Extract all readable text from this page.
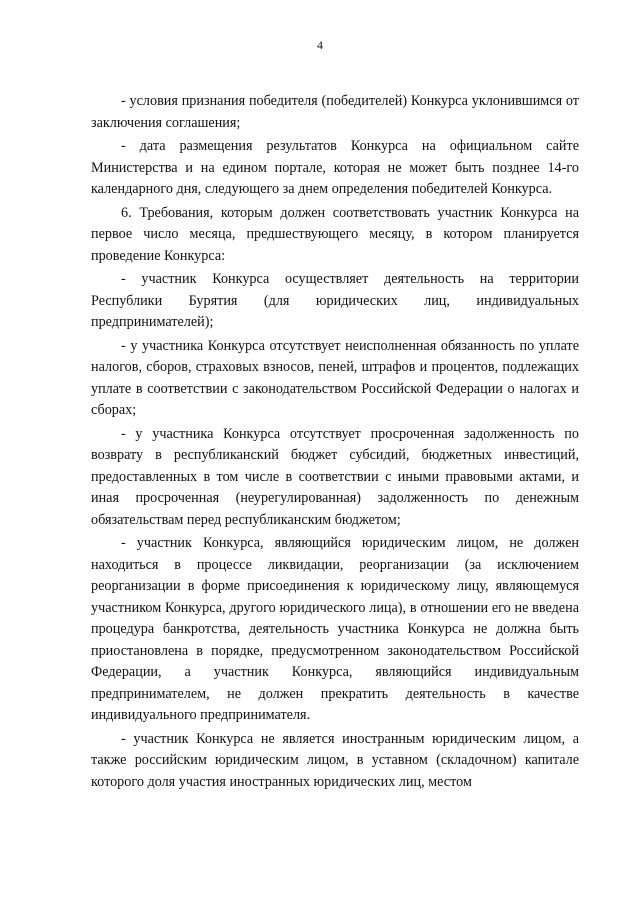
4

- условия признания победителя (победителей) Конкурса уклонившимся от заключения соглашения;

- дата размещения результатов Конкурса на официальном сайте Министерства и на едином портале, которая не может быть позднее 14-го календарного дня, следующего за днем определения победителей Конкурса.

6. Требования, которым должен соответствовать участник Конкурса на первое число месяца, предшествующего месяцу, в котором планируется проведение Конкурса:

- участник Конкурса осуществляет деятельность на территории Республики Бурятия (для юридических лиц, индивидуальных предпринимателей);

- у участника Конкурса отсутствует неисполненная обязанность по уплате налогов, сборов, страховых взносов, пеней, штрафов и процентов, подлежащих уплате в соответствии с законодательством Российской Федерации о налогах и сборах;

- у участника Конкурса отсутствует просроченная задолженность по возврату в республиканский бюджет субсидий, бюджетных инвестиций, предоставленных в том числе в соответствии с иными правовыми актами, и иная просроченная (неурегулированная) задолженность по денежным обязательствам перед республиканским бюджетом;

- участник Конкурса, являющийся юридическим лицом, не должен находиться в процессе ликвидации, реорганизации (за исключением реорганизации в форме присоединения к юридическому лицу, являющемуся участником Конкурса, другого юридического лица), в отношении его не введена процедура банкротства, деятельность участника Конкурса не должна быть приостановлена в порядке, предусмотренном законодательством Российской Федерации, а участник Конкурса, являющийся индивидуальным предпринимателем, не должен прекратить деятельность в качестве индивидуального предпринимателя.

- участник Конкурса не является иностранным юридическим лицом, а также российским юридическим лицом, в уставном (складочном) капитале которого доля участия иностранных юридических лиц, местом
